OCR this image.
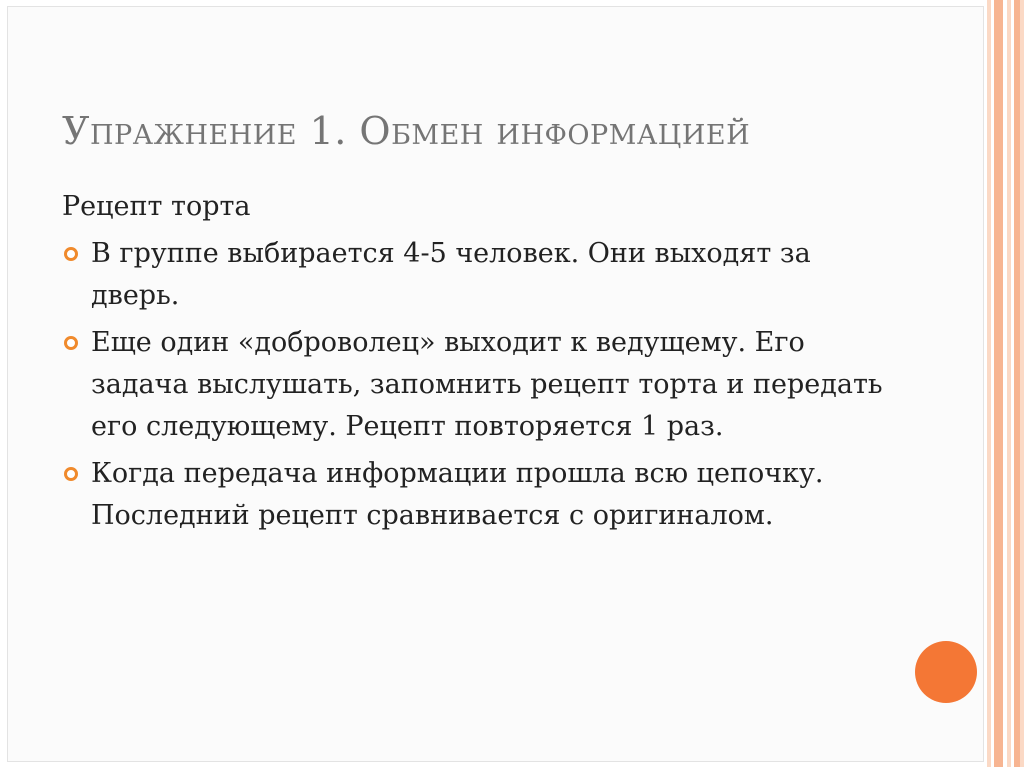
Упражнение 1. Обмен информацией
Рецепт торта
В группе выбирается 4-5 человек. Они выходят за дверь.
Еще один «доброволец» выходит к ведущему. Его задача выслушать, запомнить рецепт торта и передать его следующему. Рецепт повторяется 1 раз.
Когда передача информации прошла всю цепочку. Последний рецепт сравнивается с оригиналом.
